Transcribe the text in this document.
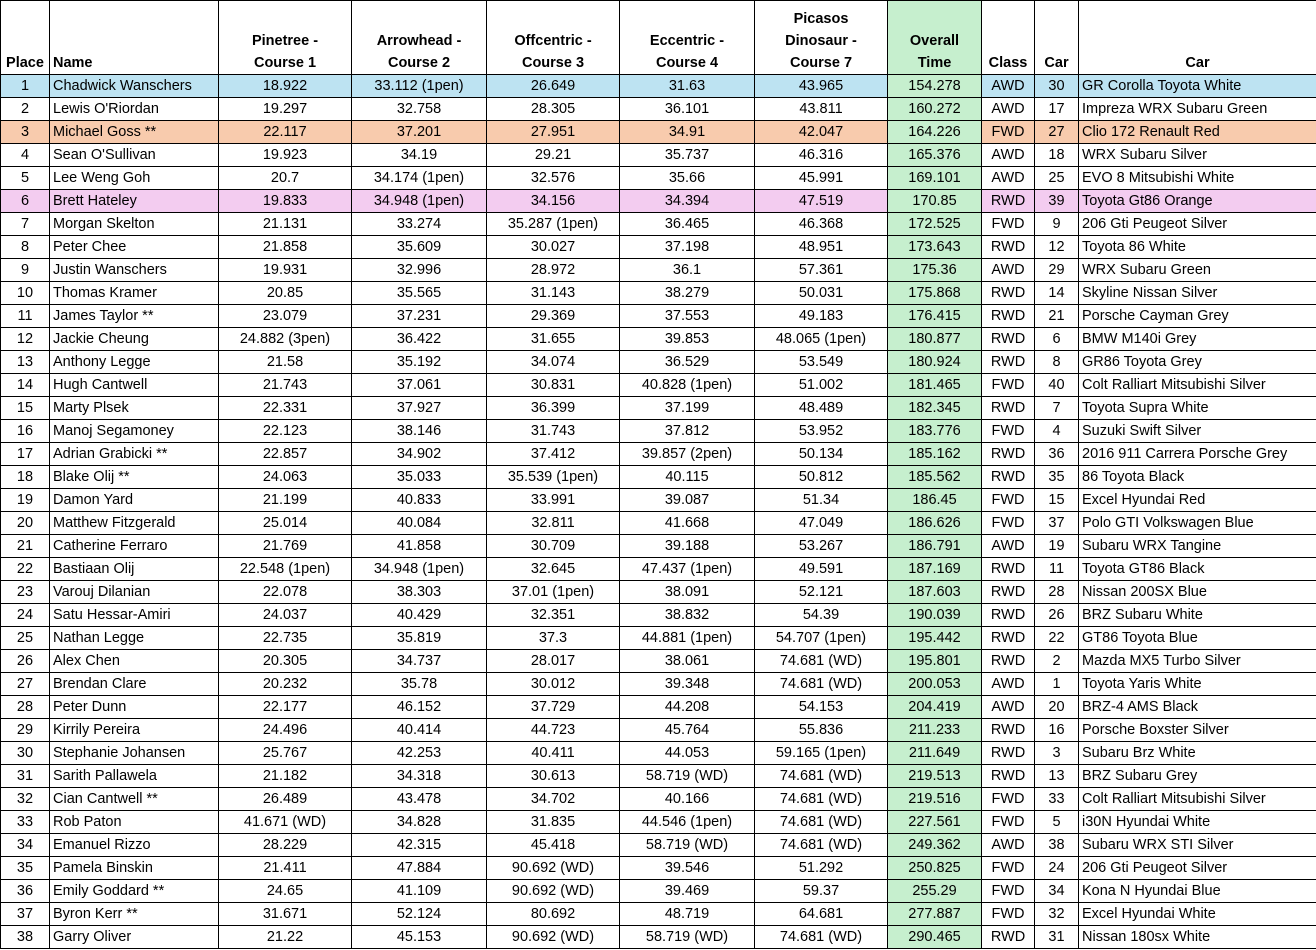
Place	Name	Pinetree - Course 1	Arrowhead - Course 2	Offcentric - Course 3	Eccentric - Course 4	Picasos Dinosaur - Course 7	Overall Time	Class	Car	Car
1	Chadwick Wanschers	18.922	33.112 (1pen)	26.649	31.63	43.965	154.278	AWD	30	GR Corolla Toyota White
2	Lewis O'Riordan	19.297	32.758	28.305	36.101	43.811	160.272	AWD	17	Impreza WRX Subaru Green
3	Michael Goss **	22.117	37.201	27.951	34.91	42.047	164.226	FWD	27	Clio 172 Renault Red
4	Sean O'Sullivan	19.923	34.19	29.21	35.737	46.316	165.376	AWD	18	WRX Subaru Silver
5	Lee Weng Goh	20.7	34.174 (1pen)	32.576	35.66	45.991	169.101	AWD	25	EVO 8 Mitsubishi White
6	Brett Hateley	19.833	34.948 (1pen)	34.156	34.394	47.519	170.85	RWD	39	Toyota Gt86 Orange
7	Morgan Skelton	21.131	33.274	35.287 (1pen)	36.465	46.368	172.525	FWD	9	206 Gti Peugeot Silver
8	Peter Chee	21.858	35.609	30.027	37.198	48.951	173.643	RWD	12	Toyota 86 White
9	Justin Wanschers	19.931	32.996	28.972	36.1	57.361	175.36	AWD	29	WRX Subaru Green
10	Thomas Kramer	20.85	35.565	31.143	38.279	50.031	175.868	RWD	14	Skyline Nissan Silver
11	James Taylor **	23.079	37.231	29.369	37.553	49.183	176.415	RWD	21	Porsche Cayman Grey
12	Jackie Cheung	24.882 (3pen)	36.422	31.655	39.853	48.065 (1pen)	180.877	RWD	6	BMW M140i Grey
13	Anthony Legge	21.58	35.192	34.074	36.529	53.549	180.924	RWD	8	GR86 Toyota Grey
14	Hugh Cantwell	21.743	37.061	30.831	40.828 (1pen)	51.002	181.465	FWD	40	Colt Ralliart Mitsubishi Silver
15	Marty Plsek	22.331	37.927	36.399	37.199	48.489	182.345	RWD	7	Toyota Supra White
16	Manoj Segamoney	22.123	38.146	31.743	37.812	53.952	183.776	FWD	4	Suzuki Swift Silver
17	Adrian Grabicki **	22.857	34.902	37.412	39.857 (2pen)	50.134	185.162	RWD	36	2016 911 Carrera Porsche Grey
18	Blake Olij **	24.063	35.033	35.539 (1pen)	40.115	50.812	185.562	RWD	35	86 Toyota Black
19	Damon Yard	21.199	40.833	33.991	39.087	51.34	186.45	FWD	15	Excel Hyundai Red
20	Matthew Fitzgerald	25.014	40.084	32.811	41.668	47.049	186.626	FWD	37	Polo GTI Volkswagen Blue
21	Catherine Ferraro	21.769	41.858	30.709	39.188	53.267	186.791	AWD	19	Subaru WRX Tangine
22	Bastiaan Olij	22.548 (1pen)	34.948 (1pen)	32.645	47.437 (1pen)	49.591	187.169	RWD	11	Toyota GT86 Black
23	Varouj Dilanian	22.078	38.303	37.01 (1pen)	38.091	52.121	187.603	RWD	28	Nissan 200SX Blue
24	Satu Hessar-Amiri	24.037	40.429	32.351	38.832	54.39	190.039	RWD	26	BRZ Subaru White
25	Nathan Legge	22.735	35.819	37.3	44.881 (1pen)	54.707 (1pen)	195.442	RWD	22	GT86 Toyota Blue
26	Alex Chen	20.305	34.737	28.017	38.061	74.681 (WD)	195.801	RWD	2	Mazda MX5 Turbo Silver
27	Brendan Clare	20.232	35.78	30.012	39.348	74.681 (WD)	200.053	AWD	1	Toyota Yaris White
28	Peter Dunn	22.177	46.152	37.729	44.208	54.153	204.419	AWD	20	BRZ-4 AMS Black
29	Kirrily Pereira	24.496	40.414	44.723	45.764	55.836	211.233	RWD	16	Porsche Boxster Silver
30	Stephanie Johansen	25.767	42.253	40.411	44.053	59.165 (1pen)	211.649	RWD	3	Subaru Brz White
31	Sarith Pallawela	21.182	34.318	30.613	58.719 (WD)	74.681 (WD)	219.513	RWD	13	BRZ Subaru Grey
32	Cian Cantwell **	26.489	43.478	34.702	40.166	74.681 (WD)	219.516	FWD	33	Colt Ralliart Mitsubishi Silver
33	Rob Paton	41.671 (WD)	34.828	31.835	44.546 (1pen)	74.681 (WD)	227.561	FWD	5	i30N Hyundai White
34	Emanuel Rizzo	28.229	42.315	45.418	58.719 (WD)	74.681 (WD)	249.362	AWD	38	Subaru WRX STI Silver
35	Pamela Binskin	21.411	47.884	90.692 (WD)	39.546	51.292	250.825	FWD	24	206 Gti Peugeot Silver
36	Emily Goddard **	24.65	41.109	90.692 (WD)	39.469	59.37	255.29	FWD	34	Kona N Hyundai Blue
37	Byron Kerr **	31.671	52.124	80.692	48.719	64.681	277.887	FWD	32	Excel Hyundai White
38	Garry Oliver	21.22	45.153	90.692 (WD)	58.719 (WD)	74.681 (WD)	290.465	RWD	31	Nissan 180sx White
